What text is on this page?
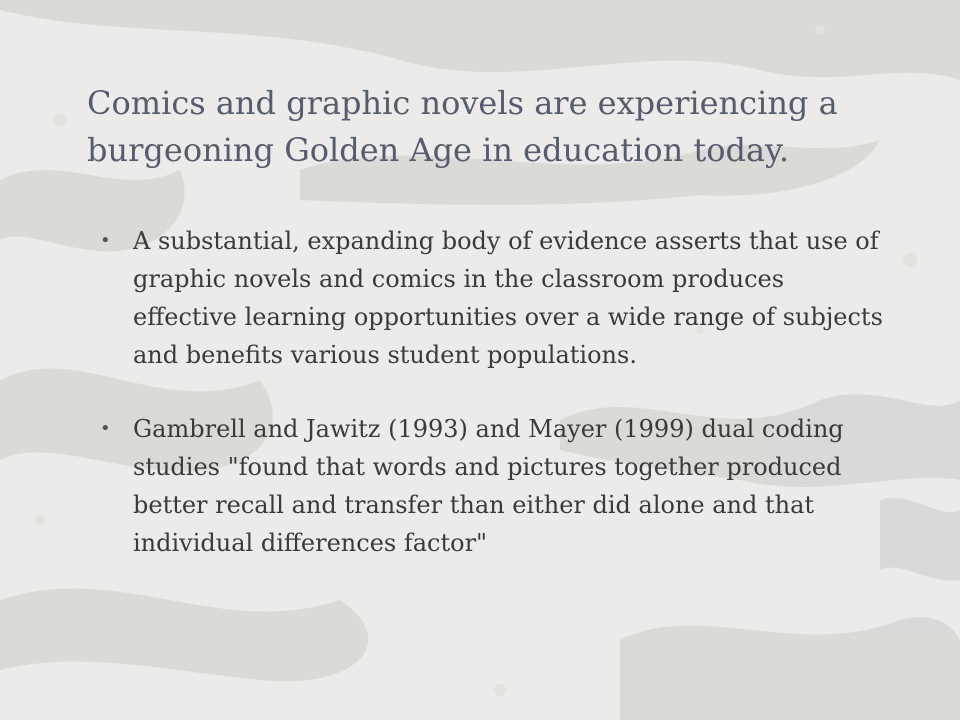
Comics and graphic novels are experiencing a burgeoning Golden Age in education today.
• A substantial, expanding body of evidence asserts that use of graphic novels and comics in the classroom produces effective learning opportunities over a wide range of subjects and benefits various student populations.
• Gambrell and Jawitz (1993) and Mayer (1999) dual coding studies "found that words and pictures together produced better recall and transfer than either did alone and that individual differences factor"
